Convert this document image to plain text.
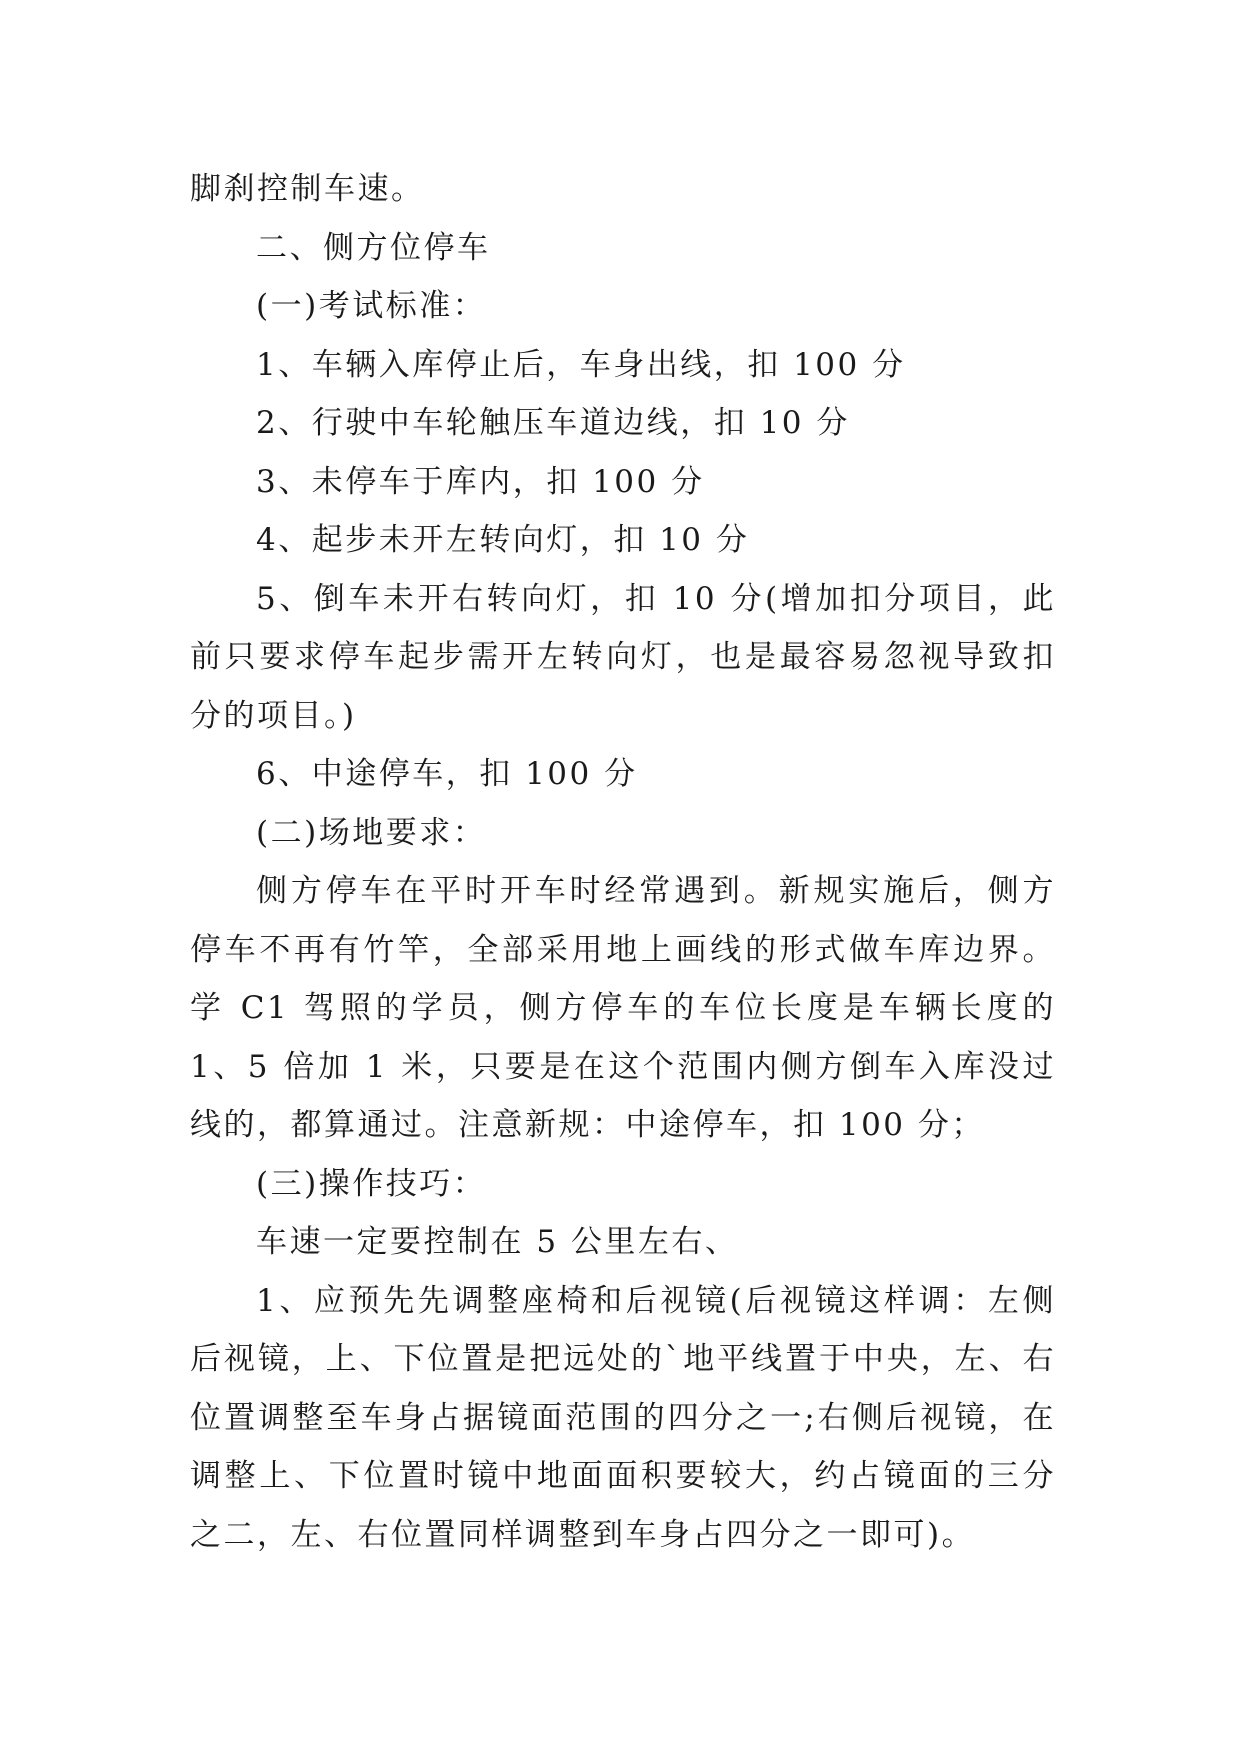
脚刹控制车速。

二、侧方位停车

(一)考试标准：

1、车辆入库停止后，车身出线，扣 100 分

2、行驶中车轮触压车道边线，扣 10 分

3、未停车于库内，扣 100 分

4、起步未开左转向灯，扣 10 分

5、倒车未开右转向灯，扣 10 分(增加扣分项目，此前只要求停车起步需开左转向灯，也是最容易忽视导致扣分的项目。)

6、中途停车，扣 100 分

(二)场地要求：

侧方停车在平时开车时经常遇到。新规实施后，侧方停车不再有竹竿，全部采用地上画线的形式做车库边界。学 C1 驾照的学员，侧方停车的车位长度是车辆长度的 1、5 倍加 1 米，只要是在这个范围内侧方倒车入库没过线的，都算通过。注意新规：中途停车，扣 100 分；

(三)操作技巧：

车速一定要控制在 5 公里左右、

1、应预先先调整座椅和后视镜(后视镜这样调：左侧后视镜，上、下位置是把远处的`地平线置于中央，左、右位置调整至车身占据镜面范围的四分之一;右侧后视镜，在调整上、下位置时镜中地面面积要较大，约占镜面的三分之二，左、右位置同样调整到车身占四分之一即可)。
